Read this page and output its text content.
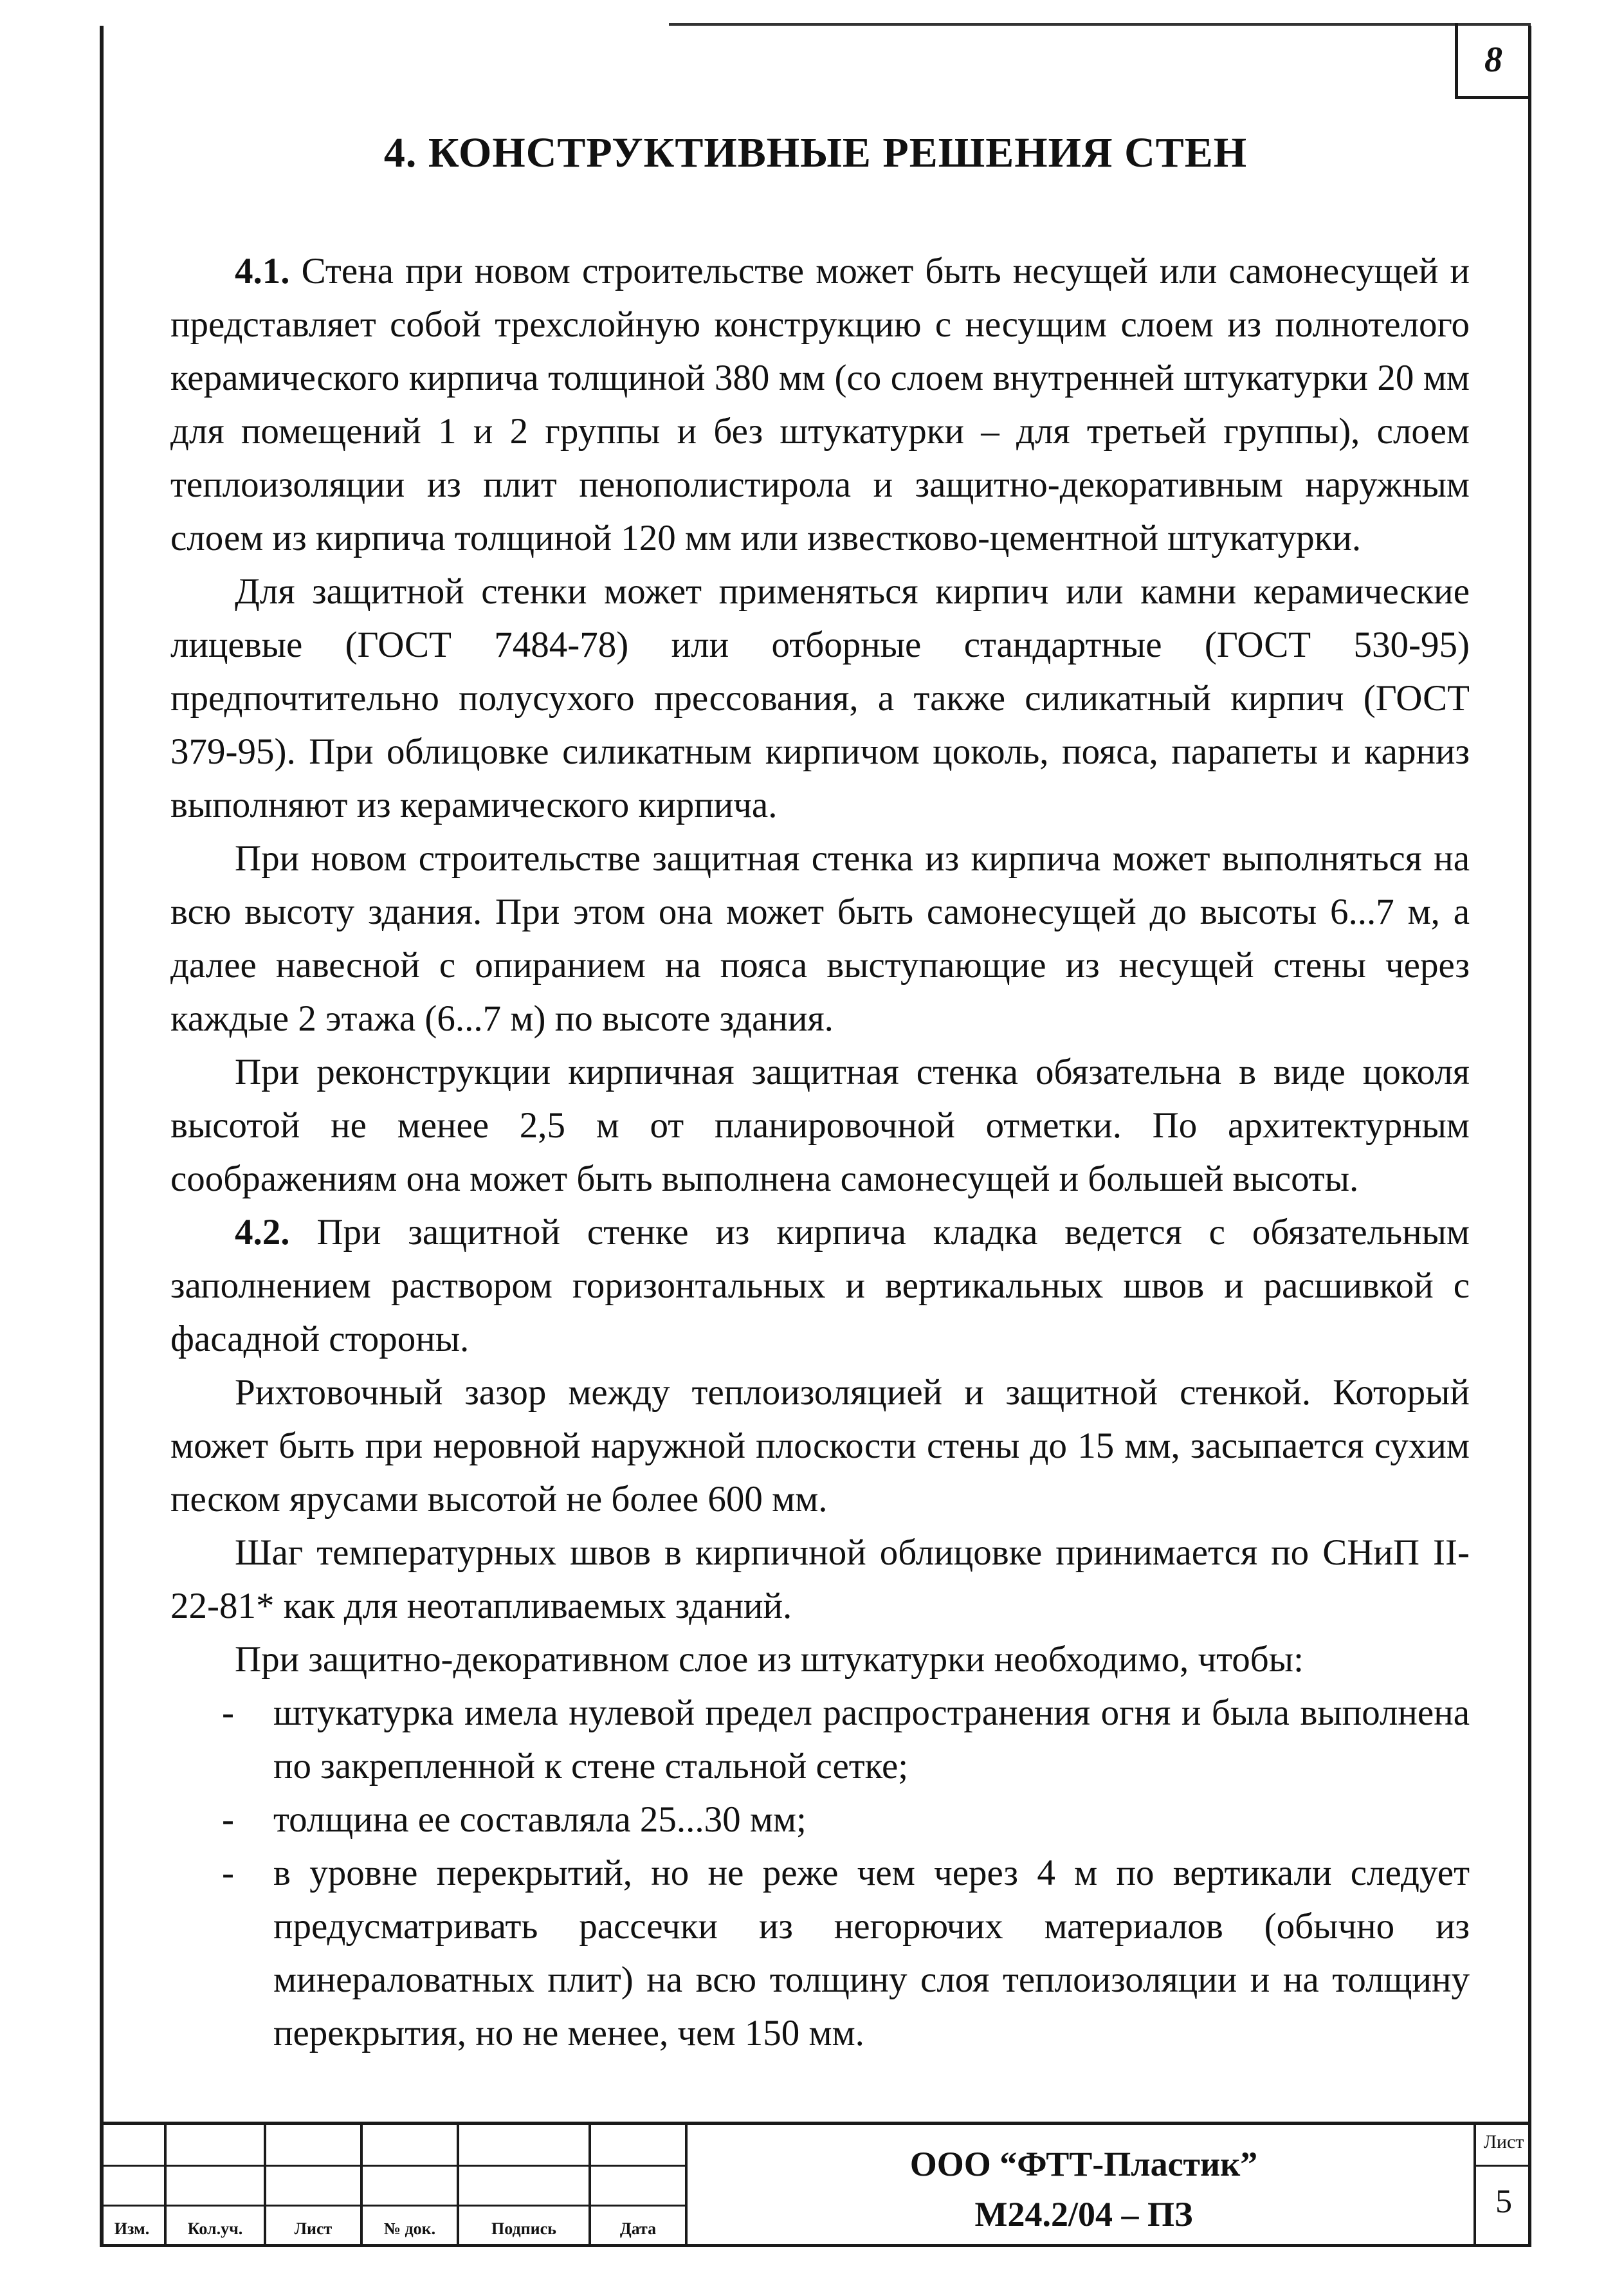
8
4. КОНСТРУКТИВНЫЕ РЕШЕНИЯ СТЕН

4.1. Стена при новом строительстве может быть несущей или самонесущей и представляет собой трехслойную конструкцию с несущим слоем из полнотелого керамического кирпича толщиной 380 мм (со слоем внутренней штукатурки 20 мм для помещений 1 и 2 группы и без штукатурки – для третьей группы), слоем теплоизоляции из плит пенополистирола и защитно-декоративным наружным слоем из кирпича толщиной 120 мм или известково-цементной штукатурки.

Для защитной стенки может применяться кирпич или камни керамические лицевые (ГОСТ 7484-78) или отборные стандартные (ГОСТ 530-95) предпочтительно полусухого прессования, а также силикатный кирпич (ГОСТ 379-95). При облицовке силикатным кирпичом цоколь, пояса, парапеты и карниз выполняют из керамического кирпича.

При новом строительстве защитная стенка из кирпича может выполняться на всю высоту здания. При этом она может быть самонесущей до высоты 6...7 м, а далее навесной с опиранием на пояса выступающие из несущей стены через каждые 2 этажа (6...7 м) по высоте здания.

При реконструкции кирпичная защитная стенка обязательна в виде цоколя высотой не менее 2,5 м от планировочной отметки. По архитектурным соображениям она может быть выполнена самонесущей и большей высоты.

4.2. При защитной стенке из кирпича кладка ведется с обязательным заполнением раствором горизонтальных и вертикальных швов и расшивкой с фасадной стороны.

Рихтовочный зазор между теплоизоляцией и защитной стенкой. Который может быть при неровной наружной плоскости стены до 15 мм, засыпается сухим песком ярусами высотой не более 600 мм.

Шаг температурных швов в кирпичной облицовке принимается по СНиП II-22-81* как для неотапливаемых зданий.

При защитно-декоративном слое из штукатурки необходимо, чтобы:

- штукатурка имела нулевой предел распространения огня и была выполнена по закрепленной к стене стальной сетке;
- толщина ее составляла 25...30 мм;
- в уровне перекрытий, но не реже чем через 4 м по вертикали следует предусматривать рассечки из негорючих материалов (обычно из минераловатных плит) на всю толщину слоя теплоизоляции и на толщину перекрытия, но не менее, чем 150 мм.
Изм.	Кол.уч.	Лист	№ док.	Подпись	Дата
ООО “ФТТ-Пластик”
М24.2/04 – ПЗ
Лист
5
